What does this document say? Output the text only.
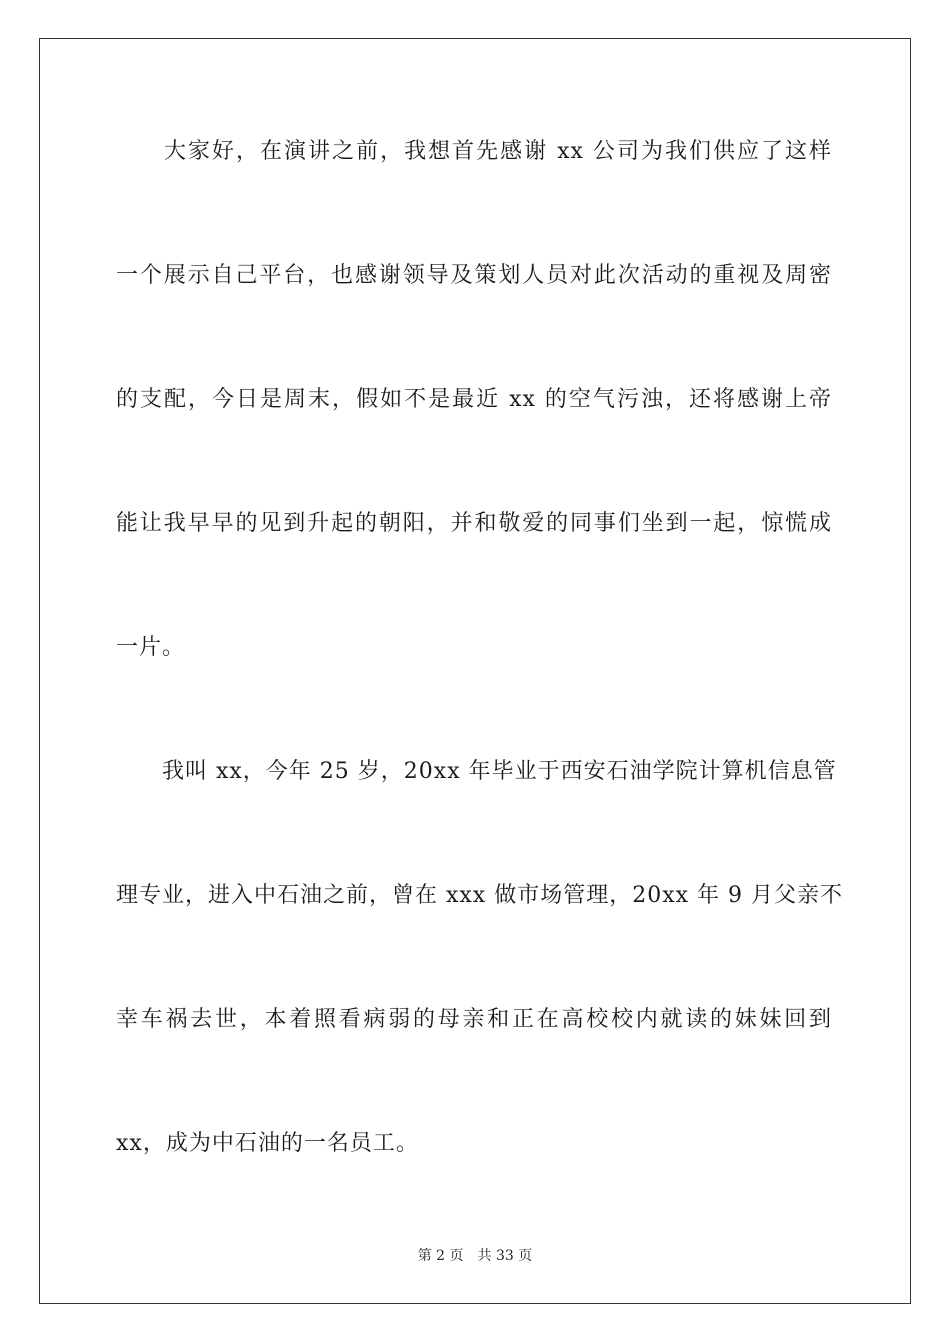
　　大家好，在演讲之前，我想首先感谢 xx 公司为我们供应了这样
一个展示自己平台，也感谢领导及策划人员对此次活动的重视及周密
的支配，今日是周末，假如不是最近 xx 的空气污浊，还将感谢上帝
能让我早早的见到升起的朝阳，并和敬爱的同事们坐到一起，惊慌成
一片。
　　我叫 xx，今年 25 岁，20xx 年毕业于西安石油学院计算机信息管
理专业，进入中石油之前，曾在 xxx 做市场管理，20xx 年 9 月父亲不
幸车祸去世，本着照看病弱的母亲和正在高校校内就读的妹妹回到
xx，成为中石油的一名员工。
第 2 页 共 33 页
